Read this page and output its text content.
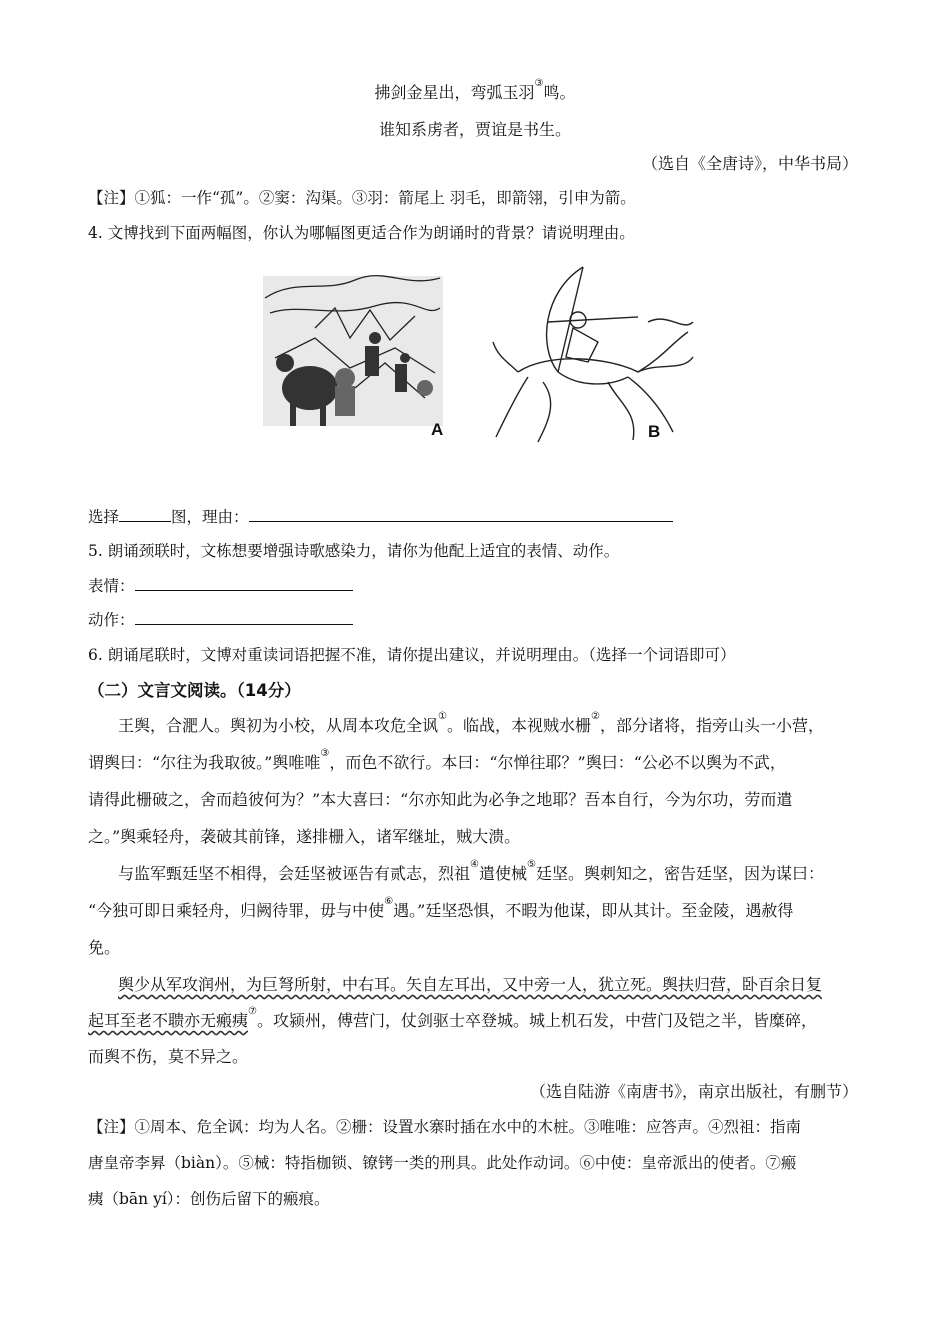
拂剑金星出，弯弧玉羽③鸣。
谁知系虏者，贾谊是书生。
（选自《全唐诗》，中华书局）
【注】①狐：一作“孤”。②窦：沟渠。③羽：箭尾上 羽毛，即箭翎，引申为箭。
4. 文博找到下面两幅图，你认为哪幅图更适合作为朗诵时的背景？请说明理由。
A	B
选择	图，理由：
5. 朗诵颈联时，文栋想要增强诗歌感染力，请你为他配上适宜的表情、动作。
表情：
动作：
6. 朗诵尾联时，文博对重读词语把握不准，请你提出建议，并说明理由。（选择一个词语即可）
（二）文言文阅读。（14分）
王舆，合淝人。舆初为小校，从周本攻危全讽①。临战，本视贼水栅②，部分诸将，指旁山头一小营，
谓舆曰：“尔往为我取彼。”舆唯唯③，而色不欲行。本曰：“尔惮往耶？”舆曰：“公必不以舆为不武，
请得此栅破之，舍而趋彼何为？”本大喜曰：“尔亦知此为必争之地耶？吾本自行，今为尔功，劳而遣
之。”舆乘轻舟，袭破其前锋，遂排栅入，诸军继址，贼大溃。
与监军甄廷坚不相得，会廷坚被诬告有贰志，烈祖④遣使械⑤廷坚。舆刺知之，密告廷坚，因为谋曰：
“今独可即日乘轻舟，归阙待罪，毋与中使⑥遇。”廷坚恐惧，不暇为他谋，即从其计。至金陵，遇赦得
免。
舆少从军攻润州，为巨弩所射，中右耳。矢自左耳出，又中旁一人，犹立死。舆扶归营，卧百余日复
起耳至老不聩亦无瘢痍⑦。攻颍州，傅营门，仗剑驱士卒登城。城上机石发，中营门及铠之半，皆糜碎，
而舆不伤，莫不异之。
（选自陆游《南唐书》，南京出版社，有删节）
【注】①周本、危全讽：均为人名。②栅：设置水寨时插在水中的木桩。③唯唯：应答声。④烈祖：指南
唐皇帝李昪（biàn）。⑤械：特指枷锁、镣铐一类的刑具。此处作动词。⑥中使：皇帝派出的使者。⑦瘢
痍（bān yí）：创伤后留下的瘢痕。
